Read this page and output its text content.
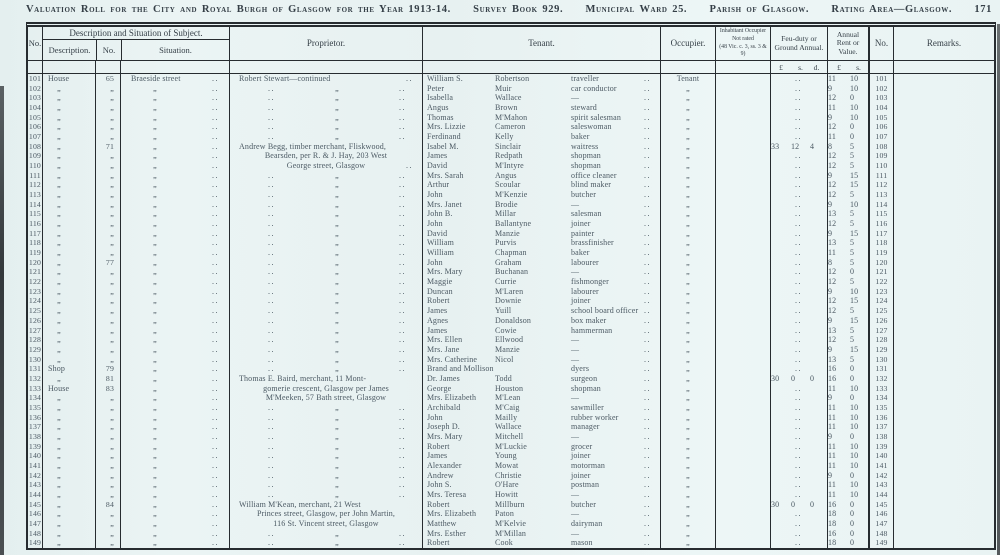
Valuation Roll for the City and Royal Burgh of Glasgow for the Year 1913-14. Survey Book 929. Municipal Ward 25. Parish of Glasgow. Rating Area—Glasgow. 171
No.
Description and Situation of Subject.
Description.	No.	Situation.
Proprietor.	Tenant.	Occupier.
Inhabitant Occupier
Not rated
(48 Vic. c. 3, ss. 3 & 9)
Feu-duty or Ground Annual.
Annual Rent or Value.
No.	Remarks.
£	s.	d.	£	s.
101 House	65	Braeside street	..	Robert Stewart—continued	..	William S.	Robertson	traveller	..	Tenant	..	11	10	101
102	„	„	„	..	..	„	..	Peter	Muir	car conductor	..	„	..	9	10	102
103	„	„	„	..	..	„	..	Isabella	Wallace	—	..	„	..	12	0	103
104	„	„	„	..	..	„	..	Angus	Brown	steward	..	„	..	11	10	104
105	„	„	„	..	..	„	..	Thomas	M'Mahon	spirit salesman	..	„	..	9	10	105
106	„	„	„	..	..	„	..	Mrs. Lizzie	Cameron	saleswoman	..	„	..	12	0	106
107	„	„	„	..	..	„	..	Ferdinand	Kelly	baker	..	„	..	11	0	107
108	„	71	„	..	Andrew Begg, timber merchant, Fliskwood,	Isabel M.	Sinclair	waitress	..	„	33	12	4	8	5	108
109	„	„	„	..	Bearsden, per R. & J. Hay, 203 West	James	Redpath	shopman	..	„	..	12	5	109
110	„	„	„	..	George street, Glasgow	..	David	M'Intyre	shopman	..	„	..	12	5	110
111	„	„	„	..	..	„	..	Mrs. Sarah	Angus	office cleaner	..	„	..	9	15	111
112	„	„	„	..	..	„	..	Arthur	Scoular	blind maker	..	„	..	12	15	112
113	„	„	„	..	..	„	..	John	M'Kenzie	butcher	..	„	..	12	5	113
114	„	„	„	..	..	„	..	Mrs. Janet	Brodie	—	..	„	..	9	10	114
115	„	„	„	..	..	„	..	John B.	Millar	salesman	..	„	..	13	5	115
116	„	„	„	..	..	„	..	John	Ballantyne	joiner	..	„	..	12	5	116
117	„	„	„	..	..	„	..	David	Manzie	painter	..	„	..	9	15	117
118	„	„	„	..	..	„	..	William	Purvis	brassfinisher	..	„	..	13	5	118
119	„	„	„	..	..	„	..	William	Chapman	baker	..	„	..	11	5	119
120	„	77	„	..	..	„	..	John	Graham	labourer	..	„	..	8	5	120
121	„	„	„	..	..	„	..	Mrs. Mary	Buchanan	—	..	„	..	12	0	121
122	„	„	„	..	..	„	..	Maggie	Currie	fishmonger	..	„	..	12	5	122
123	„	„	„	..	..	„	..	Duncan	M'Laren	labourer	..	„	..	9	10	123
124	„	„	„	..	..	„	..	Robert	Downie	joiner	..	„	..	12	15	124
125	„	„	„	..	..	„	..	James	Yuill	school board officer ..	„	..	12	5	125
126	„	„	„	..	..	„	..	Agnes	Donaldson	box maker	..	„	..	9	15	126
127	„	„	„	..	..	„	..	James	Cowie	hammerman	..	„	..	13	5	127
128	„	„	„	..	..	„	..	Mrs. Ellen	Ellwood	—	..	„	..	12	5	128
129	„	„	„	..	..	„	..	Mrs. Jane	Manzie	—	..	„	..	9	15	129
130	„	„	„	..	..	„	..	Mrs. Catherine	Nicol	—	..	„	..	13	5	130
131 Shop	79	„	..	..	„	..	Brand and Mollison	dyers	..	„	..	16	0	131
132	„	81	„	..	Thomas E. Baird, merchant, 11 Mont-	Dr. James	Todd	surgeon	..	„	30	0	0	16	0	132
133 House	83	„	..	gomerie crescent, Glasgow per James	George	Houston	shopman	..	„	..	11	10	133
134	„	„	„	..	M'Meeken, 57 Bath street, Glasgow	Mrs. Elizabeth	M'Lean	—	..	„	..	9	0	134
135	„	„	„	..	..	„	..	Archibald	M'Caig	sawmiller	..	„	..	11	10	135
136	„	„	„	..	..	„	..	John	Mailly	rubber worker	..	„	..	11	10	136
137	„	„	„	..	..	„	..	Joseph D.	Wallace	manager	..	„	..	11	10	137
138	„	„	„	..	..	„	..	Mrs. Mary	Mitchell	—	..	„	..	9	0	138
139	„	„	„	..	..	„	..	Robert	M'Luckie	grocer	..	„	..	11	10	139
140	„	„	„	..	..	„	..	James	Young	joiner	..	„	..	11	10	140
141	„	„	„	..	..	„	..	Alexander	Mowat	motorman	..	„	..	11	10	141
142	„	„	„	..	..	„	..	Andrew	Christie	joiner	..	„	..	9	0	142
143	„	„	„	..	..	„	..	John S.	O'Hare	postman	..	„	..	11	10	143
144	„	„	„	..	..	„	..	Mrs. Teresa	Howitt	—	..	„	..	11	10	144
145	„	84	„	..	William M'Kean, merchant, 21 West	Robert	Millburn	butcher	..	„	30	0	0	16	0	145
146	„	„	„	..	Princes street, Glasgow, per John Martin,	Mrs. Elizabeth	Paton	—	..	„	..	18	0	146
147	„	„	„	..	116 St. Vincent street, Glasgow	Matthew	M'Kelvie	dairyman	..	„	..	18	0	147
148	„	„	„	..	..	„	..	Mrs. Esther	M'Millan	—	..	„	..	16	0	148
149	„	„	„	..	..	„	..	Robert	Cook	mason	..	„	..	18	0	149
